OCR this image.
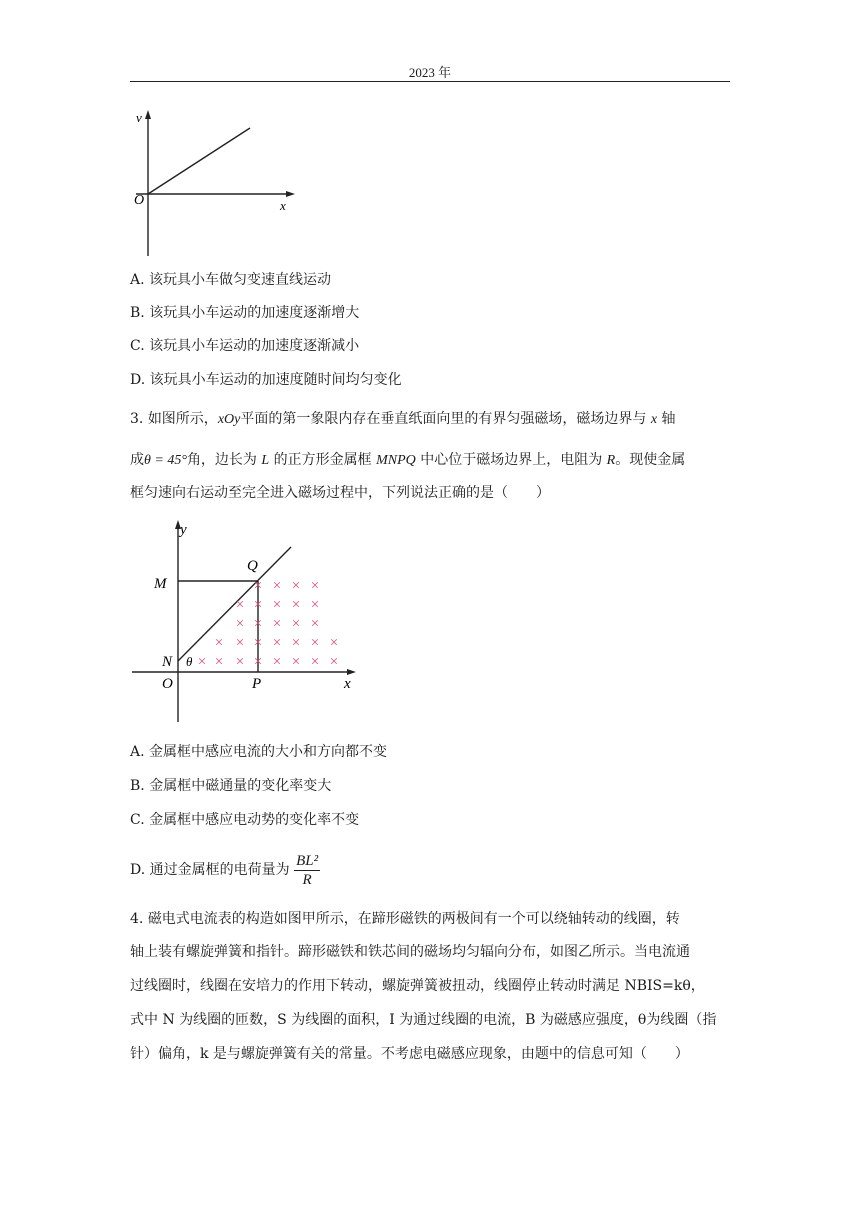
2023 年
v
x
O
A. 该玩具小车做匀变速直线运动
B. 该玩具小车运动的加速度逐渐增大
C. 该玩具小车运动的加速度逐渐减小
D. 该玩具小车运动的加速度随时间均匀变化
3. 如图所示，xOy平面的第一象限内存在垂直纸面向里的有界匀强磁场，磁场边界与 x 轴
成θ = 45°角，边长为 L 的正方形金属框 MNPQ 中心位于磁场边界上，电阻为 R。现使金属
框匀速向右运动至完全进入磁场过程中，下列说法正确的是（　　）
× × × ×
× × × × ×
× × × × ×
× × × × × × ×
× × × × × × × ×
y
x
M
Q
N
O	P
θ
A. 金属框中感应电流的大小和方向都不变
B. 金属框中磁通量的变化率变大
C. 金属框中感应电动势的变化率不变
D. 通过金属框的电荷量为 $\frac{\text{BL²}}{R}$
4. 磁电式电流表的构造如图甲所示，在蹄形磁铁的两极间有一个可以绕轴转动的线圈，转
轴上装有螺旋弹簧和指针。蹄形磁铁和铁芯间的磁场均匀辐向分布，如图乙所示。当电流通
过线圈时，线圈在安培力的作用下转动，螺旋弹簧被扭动，线圈停止转动时满足 NBIS=kθ，
式中 N 为线圈的匝数，S 为线圈的面积，I 为通过线圈的电流，B 为磁感应强度，θ为线圈（指
针）偏角，k 是与螺旋弹簧有关的常量。不考虑电磁感应现象，由题中的信息可知（　　）
